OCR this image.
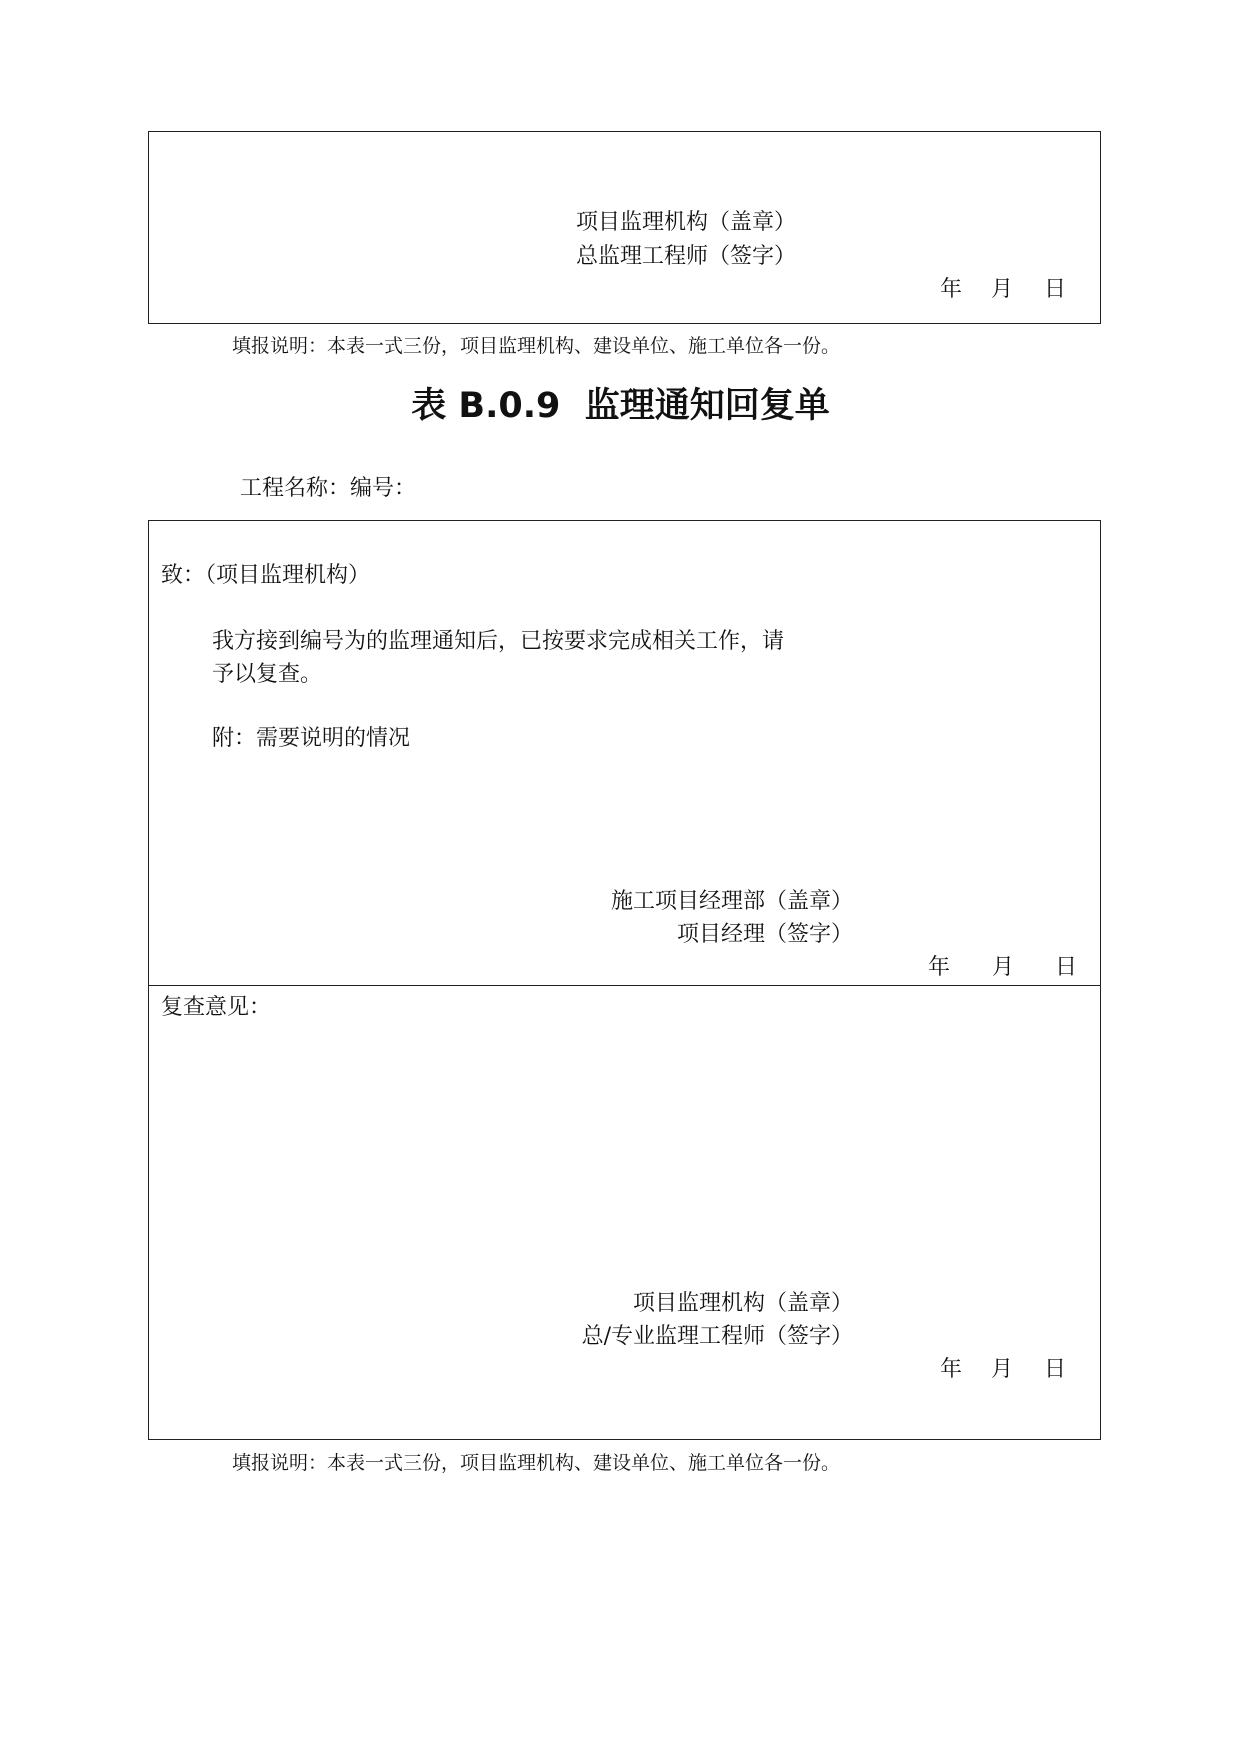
项目监理机构（盖章）
总监理工程师（签字）
年 月 日
填报说明：本表一式三份，项目监理机构、建设单位、施工单位各一份。
表 B.0.9  监理通知回复单
工程名称：编号：
致：（项目监理机构）
我方接到编号为的监理通知后，已按要求完成相关工作，请
予以复查。
附：需要说明的情况
施工项目经理部（盖章）
项目经理（签字）
年 月 日
复查意见：
项目监理机构（盖章）
总/专业监理工程师（签字）
年 月 日
填报说明：本表一式三份，项目监理机构、建设单位、施工单位各一份。
